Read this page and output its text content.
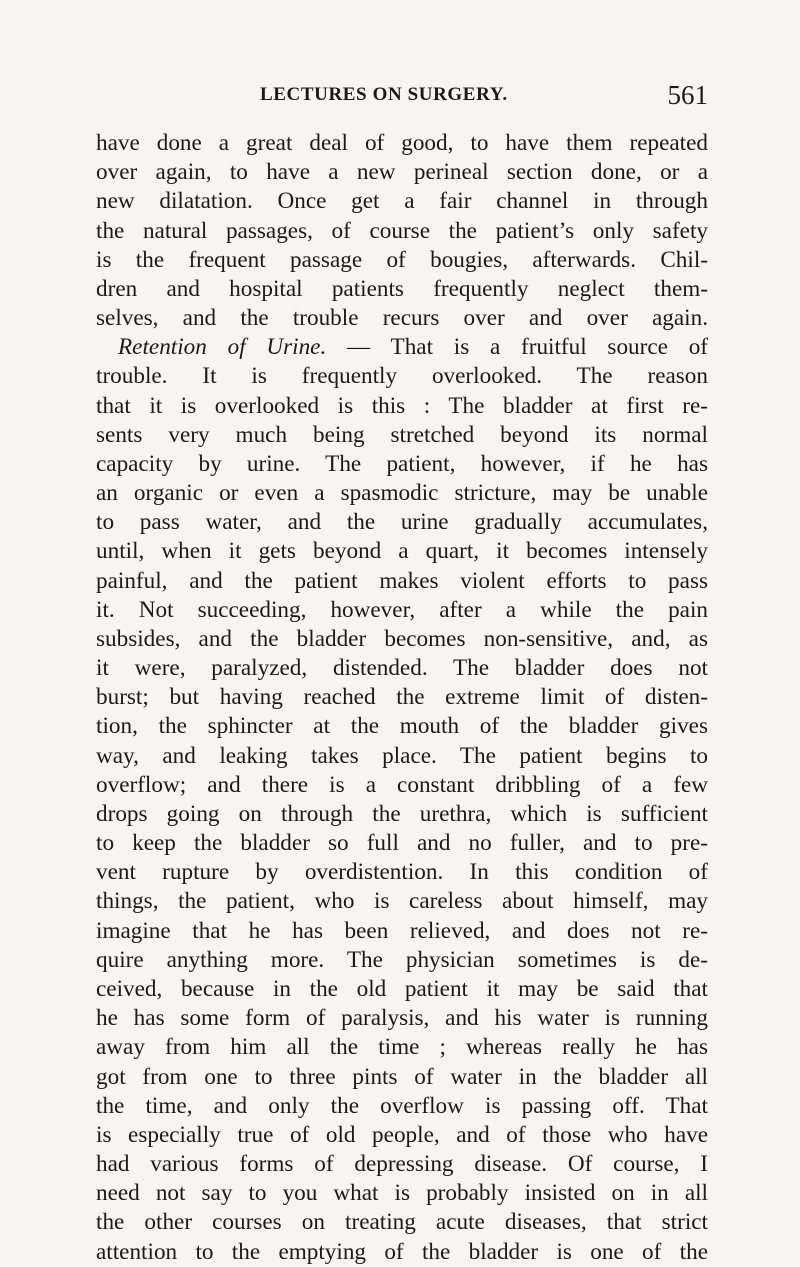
LECTURES ON SURGERY.	561
have done a great deal of good, to have them repeated
over again, to have a new perineal section done, or a
new dilatation. Once get a fair channel in through
the natural passages, of course the patient’s only safety
is the frequent passage of bougies, afterwards. Chil-
dren and hospital patients frequently neglect them-
selves, and the trouble recurs over and over again.
Retention of Urine. — That is a fruitful source of
trouble. It is frequently overlooked. The reason
that it is overlooked is this : The bladder at first re-
sents very much being stretched beyond its normal
capacity by urine. The patient, however, if he has
an organic or even a spasmodic stricture, may be unable
to pass water, and the urine gradually accumulates,
until, when it gets beyond a quart, it becomes intensely
painful, and the patient makes violent efforts to pass
it. Not succeeding, however, after a while the pain
subsides, and the bladder becomes non-sensitive, and, as
it were, paralyzed, distended. The bladder does not
burst; but having reached the extreme limit of disten-
tion, the sphincter at the mouth of the bladder gives
way, and leaking takes place. The patient begins to
overflow; and there is a constant dribbling of a few
drops going on through the urethra, which is sufficient
to keep the bladder so full and no fuller, and to pre-
vent rupture by overdistention. In this condition of
things, the patient, who is careless about himself, may
imagine that he has been relieved, and does not re-
quire anything more. The physician sometimes is de-
ceived, because in the old patient it may be said that
he has some form of paralysis, and his water is running
away from him all the time ; whereas really he has
got from one to three pints of water in the bladder all
the time, and only the overflow is passing off. That
is especially true of old people, and of those who have
had various forms of depressing disease. Of course, I
need not say to you what is probably insisted on in all
the other courses on treating acute diseases, that strict
attention to the emptying of the bladder is one of the
